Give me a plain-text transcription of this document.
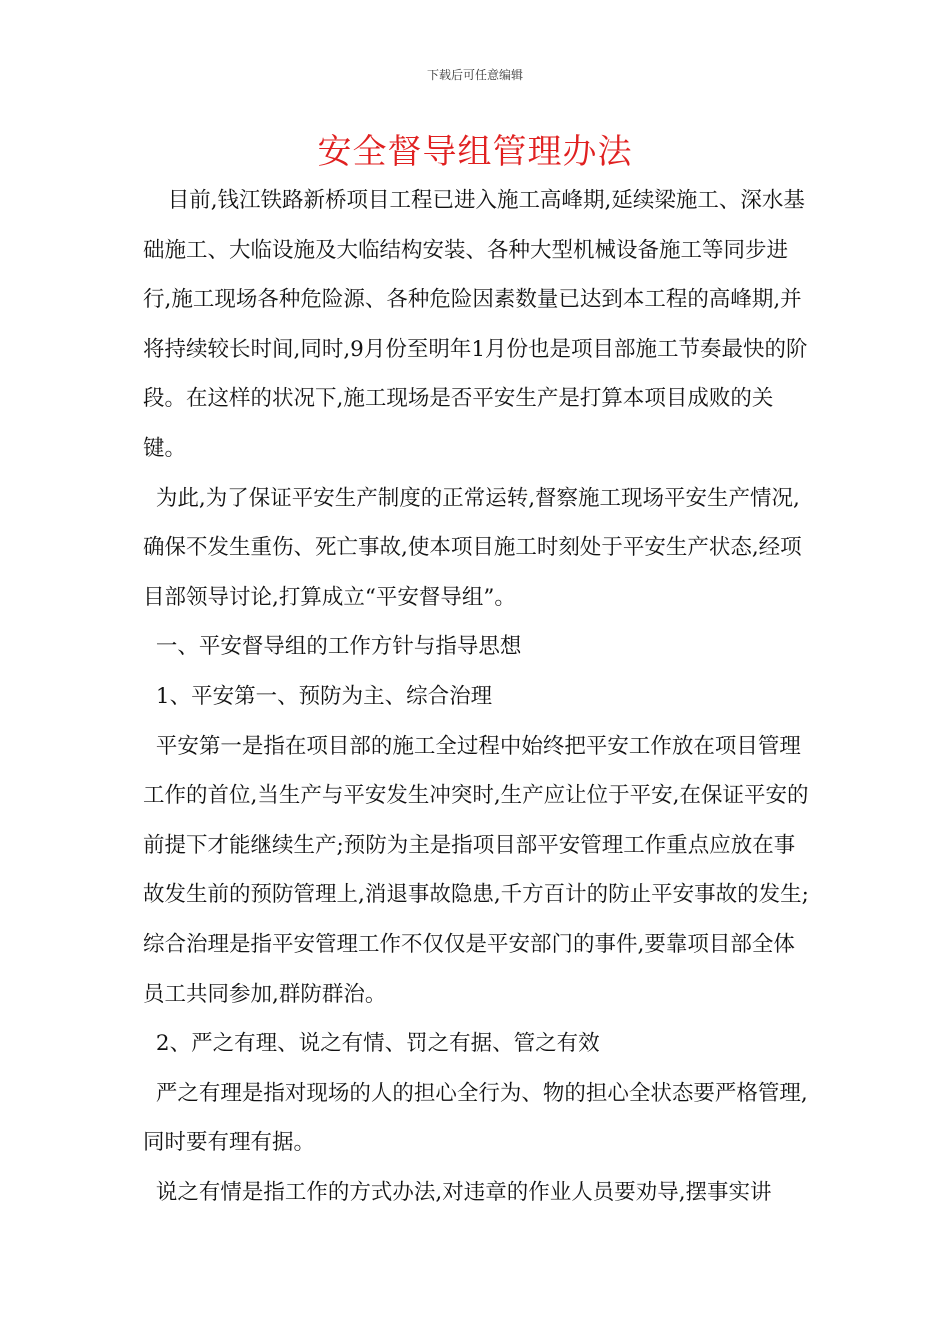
下载后可任意编辑
安全督导组管理办法

目前,钱江铁路新桥项目工程已进入施工高峰期,延续梁施工、深水基础施工、大临设施及大临结构安装、各种大型机械设备施工等同步进行,施工现场各种危险源、各种危险因素数量已达到本工程的高峰期,并将持续较长时间,同时,9月份至明年1月份也是项目部施工节奏最快的阶段。在这样的状况下,施工现场是否平安生产是打算本项目成败的关键。

为此,为了保证平安生产制度的正常运转,督察施工现场平安生产情况,确保不发生重伤、死亡事故,使本项目施工时刻处于平安生产状态,经项目部领导讨论,打算成立“平安督导组”。

一、平安督导组的工作方针与指导思想

1、平安第一、预防为主、综合治理

平安第一是指在项目部的施工全过程中始终把平安工作放在项目管理工作的首位,当生产与平安发生冲突时,生产应让位于平安,在保证平安的前提下才能继续生产;预防为主是指项目部平安管理工作重点应放在事故发生前的预防管理上,消退事故隐患,千方百计的防止平安事故的发生;综合治理是指平安管理工作不仅仅是平安部门的事件,要靠项目部全体员工共同参加,群防群治。

2、严之有理、说之有情、罚之有据、管之有效

严之有理是指对现场的人的担心全行为、物的担心全状态要严格管理,同时要有理有据。

说之有情是指工作的方式办法,对违章的作业人员要劝导,摆事实讲
